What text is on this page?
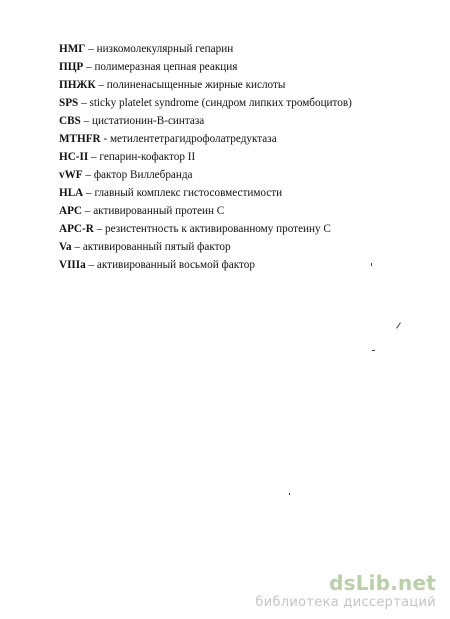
НМГ – низкомолекулярный гепарин
ПЦР – полимеразная цепная реакция
ПНЖК – полиненасыщенные жирные кислоты
SPS – sticky platelet syndrome (синдром липких тромбоцитов)
CBS – цистатионин-В-синтаза
MTHFR - метилентетрагидрофолатредуктаза
HC-II – гепарин-кофактор II
vWF – фактор Виллебранда
HLA – главный комплекс гистосовместимости
APC – активированный протеин С
APC-R – резистентность к активированному протеину С
Va – активированный пятый фактор
VIIIa – активированный восьмой фактор
dsLib.net
библиотека диссертаций
